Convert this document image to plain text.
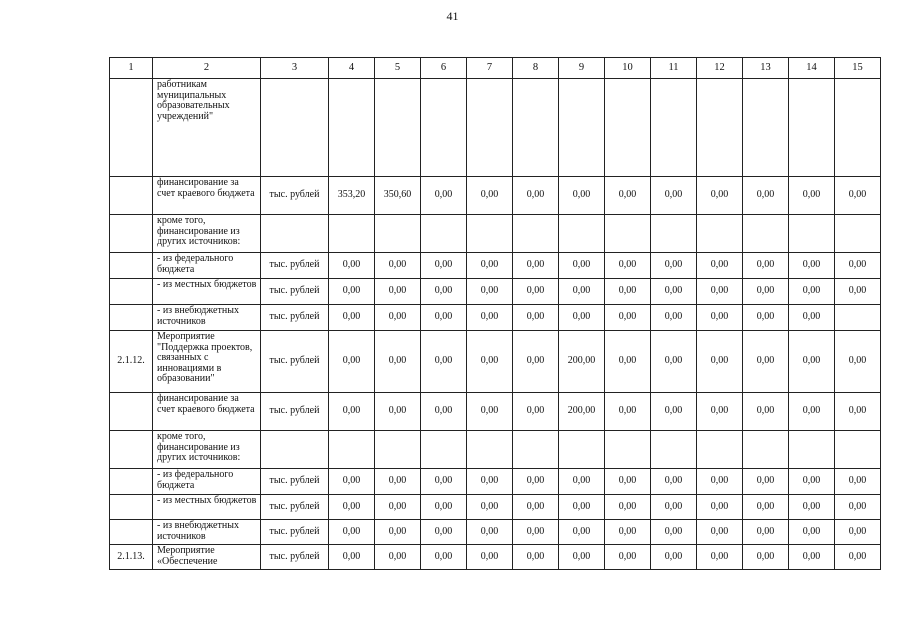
41
1	2	3	4	5	6	7	8	9	10	11	12	13	14	15
	работникам муниципальных образовательных учреждений"													
	финансирование за счет краевого бюджета	тыс. рублей	353,20	350,60	0,00	0,00	0,00	0,00	0,00	0,00	0,00	0,00	0,00	0,00
	кроме того, финансирование из других источников:													
	- из федерального бюджета	тыс. рублей	0,00	0,00	0,00	0,00	0,00	0,00	0,00	0,00	0,00	0,00	0,00	0,00
	- из местных бюджетов	тыс. рублей	0,00	0,00	0,00	0,00	0,00	0,00	0,00	0,00	0,00	0,00	0,00	0,00
	- из внебюджетных источников	тыс. рублей	0,00	0,00	0,00	0,00	0,00	0,00	0,00	0,00	0,00	0,00	0,00	
2.1.12.	Мероприятие "Поддержка проектов, связанных с инновациями в образовании"	тыс. рублей	0,00	0,00	0,00	0,00	0,00	200,00	0,00	0,00	0,00	0,00	0,00	0,00
	финансирование за счет краевого бюджета	тыс. рублей	0,00	0,00	0,00	0,00	0,00	200,00	0,00	0,00	0,00	0,00	0,00	0,00
	кроме того, финансирование из других источников:													
	- из федерального бюджета	тыс. рублей	0,00	0,00	0,00	0,00	0,00	0,00	0,00	0,00	0,00	0,00	0,00	0,00
	- из местных бюджетов	тыс. рублей	0,00	0,00	0,00	0,00	0,00	0,00	0,00	0,00	0,00	0,00	0,00	0,00
	- из внебюджетных источников	тыс. рублей	0,00	0,00	0,00	0,00	0,00	0,00	0,00	0,00	0,00	0,00	0,00	0,00
2.1.13.	Мероприятие «Обеспечение	тыс. рублей	0,00	0,00	0,00	0,00	0,00	0,00	0,00	0,00	0,00	0,00	0,00	0,00
